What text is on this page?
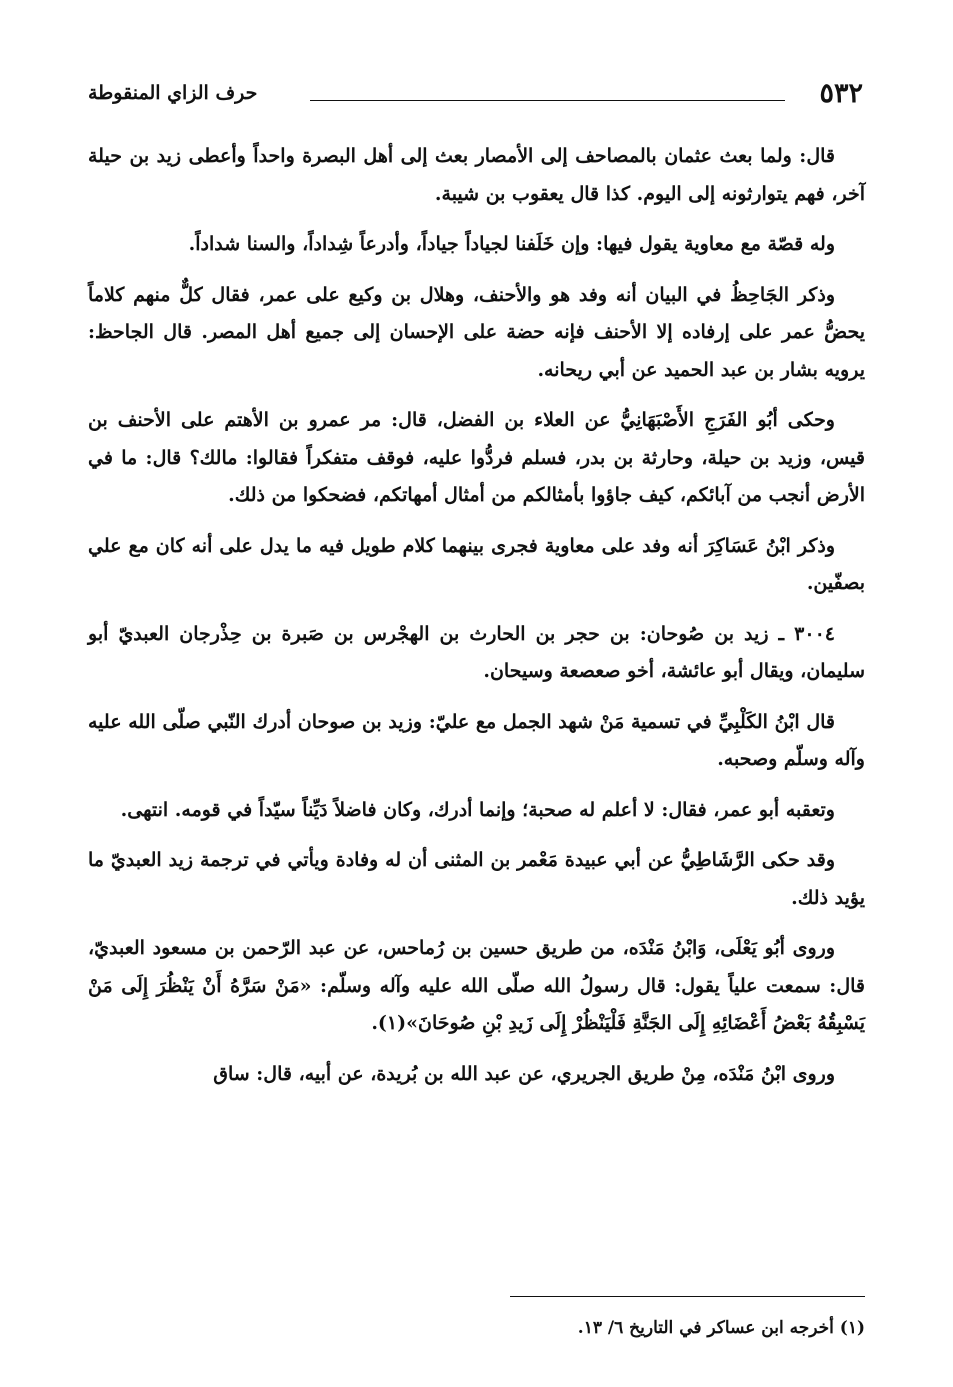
٥٣٢
حرف الزاي المنقوطة

قال: ولما بعث عثمان بالمصاحف إلى الأمصار بعث إلى أهل البصرة واحداً وأعطى زيد بن حيلة آخر، فهم يتوارثونه إلى اليوم. كذا قال يعقوب بن شيبة.

وله قصّة مع معاوية يقول فيها: وإن خَلَفنا لجياداً جياداً، وأدرعاً شِداداً، والسنا شداداً.

وذكر الجَاحِظُ في البيان أنه وفد هو والأحنف، وهلال بن وكيع على عمر، فقال كلٌّ منهم كلاماً يحضُّ عمر على إرفاده إلا الأحنف فإنه حضة على الإحسان إلى جميع أهل المصر. قال الجاحظ: يرويه بشار بن عبد الحميد عن أبي ريحانه.

وحكى أبُو الفَرَجِ الأَصْبَهَانِيُّ عن العلاء بن الفضل، قال: مر عمرو بن الأهتم على الأحنف بن قيس، وزيد بن حيلة، وحارثة بن بدر، فسلم فردُّوا عليه، فوقف متفكراً فقالوا: مالك؟ قال: ما في الأرض أنجب من آبائكم، كيف جاؤوا بأمثالكم من أمثال أمهاتكم، فضحكوا من ذلك.

وذكر ابْنُ عَسَاكِرَ أنه وفد على معاوية فجرى بينهما كلام طويل فيه ما يدل على أنه كان مع علي بصفّين.

٣٠٠٤ ـ زيد بن صُوحان: بن حجر بن الحارث بن الهجْرس بن صَبرة بن حِذْرجان العبديّ أبو سليمان، ويقال أبو عائشة، أخو صعصعة وسيحان.

قال ابْنُ الكَلْبِيِّ في تسمية مَنْ شهد الجمل مع عليّ: وزيد بن صوحان أدرك النّبي صلّى الله عليه وآله وسلّم وصحبه.

وتعقبه أبو عمر، فقال: لا أعلم له صحبة؛ وإنما أدرك، وكان فاضلاً دَيِّناً سيّداً في قومه. انتهى.

وقد حكى الرَّشَاطِيُّ عن أبي عبيدة مَعْمر بن المثنى أن له وفادة ويأتي في ترجمة زيد العبديّ ما يؤيد ذلك.

وروى أبُو يَعْلَى، وَابْنُ مَنْدَه، من طريق حسين بن رُماحس، عن عبد الرّحمن بن مسعود العبديّ، قال: سمعت علياً يقول: قال رسولُ الله صلّى الله عليه وآله وسلّم: «مَنْ سَرَّهُ أَنْ يَنْظُرَ إِلَى مَنْ يَسْبِقُهُ بَعْضُ أَعْضَائِهِ إِلَى الجَنَّةِ فَلْيَنْظُرْ إِلَى زَيدِ بْنِ صُوحَانَ»(١).

وروى ابْنُ مَنْدَه، مِنْ طريق الجريري، عن عبد الله بن بُريدة، عن أبيه، قال: ساق

(١) أخرجه ابن عساكر في التاريخ ٦/ ١٣.
